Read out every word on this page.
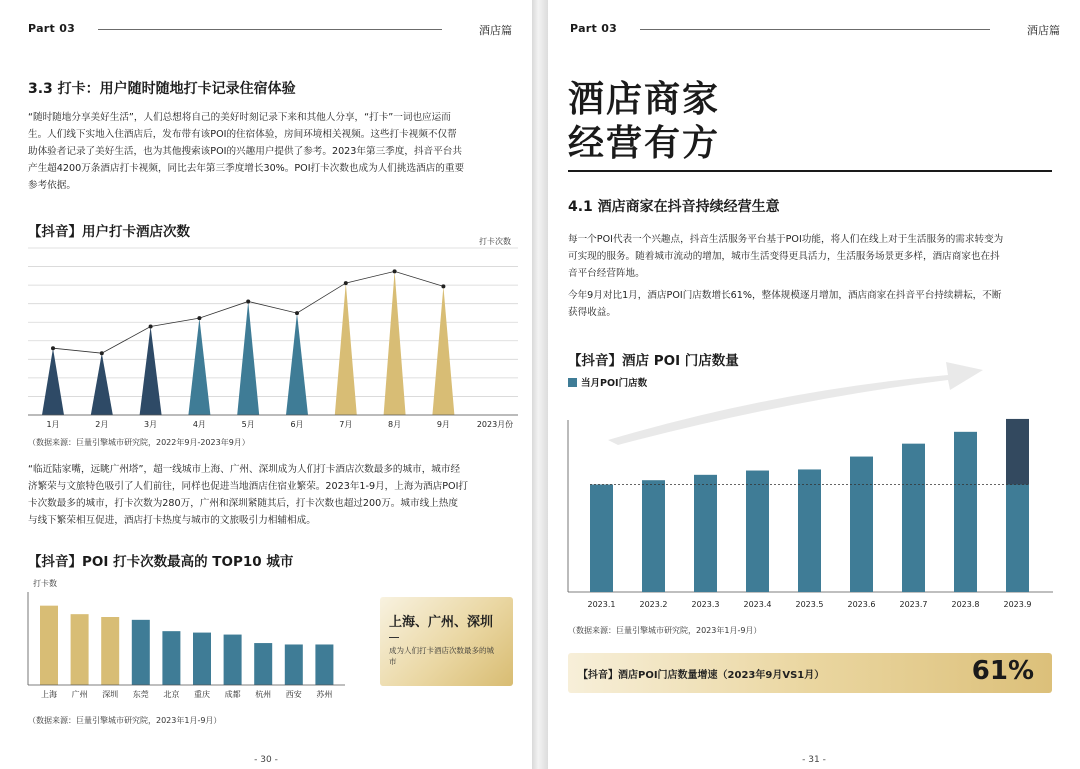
Part 03	酒店篇
3.3 打卡：用户随时随地打卡记录住宿体验
“随时随地分享美好生活”，人们总想将自己的美好时刻记录下来和其他人分享，“打卡”一词也应运而
生。人们线下实地入住酒店后，发布带有该POI的住宿体验，房间环境相关视频。这些打卡视频不仅帮
助体验者记录了美好生活，也为其他搜索该POI的兴趣用户提供了参考。2023年第三季度，抖音平台共
产生超4200万条酒店打卡视频，同比去年第三季度增长30%。POI打卡次数也成为人们挑选酒店的重要
参考依据。
【抖音】用户打卡酒店次数
打卡次数
1月	2月	3月	4月	5月	6月	7月	8月	9月	2023月份
（数据来源：巨量引擎城市研究院，2022年9月-2023年9月）
“临近陆家嘴，远眺广州塔”，超一线城市上海、广州、深圳成为人们打卡酒店次数最多的城市，城市经
济繁荣与文旅特色吸引了人们前往，同样也促进当地酒店住宿业繁荣。2023年1-9月，上海为酒店POI打
卡次数最多的城市，打卡次数为280万，广州和深圳紧随其后，打卡次数也超过200万。城市线上热度
与线下繁荣相互促进，酒店打卡热度与城市的文旅吸引力相辅相成。
【抖音】POI 打卡次数最高的 TOP10 城市
打卡数
上海 广州 深圳 东莞 北京 重庆 成都 杭州 西安 苏州
上海、广州、深圳
成为人们打卡酒店次数最多的城市
（数据来源：巨量引擎城市研究院，2023年1月-9月）
- 30 -
Part 03	酒店篇
酒店商家
经营有方
4.1 酒店商家在抖音持续经营生意
每一个POI代表一个兴趣点，抖音生活服务平台基于POI功能，将人们在线上对于生活服务的需求转变为
可实现的服务。随着城市流动的增加，城市生活变得更具活力，生活服务场景更多样，酒店商家也在抖
音平台经营阵地。
今年9月对比1月，酒店POI门店数增长61%，整体规模逐月增加，酒店商家在抖音平台持续耕耘，不断
获得收益。
【抖音】酒店 POI 门店数量
当月POI门店数
2023.1	2023.2	2023.3	2023.4	2023.5	2023.6	2023.7	2023.8	2023.9
（数据来源：巨量引擎城市研究院，2023年1月-9月）
【抖音】酒店POI门店数量增速（2023年9月VS1月）	61%
- 31 -
